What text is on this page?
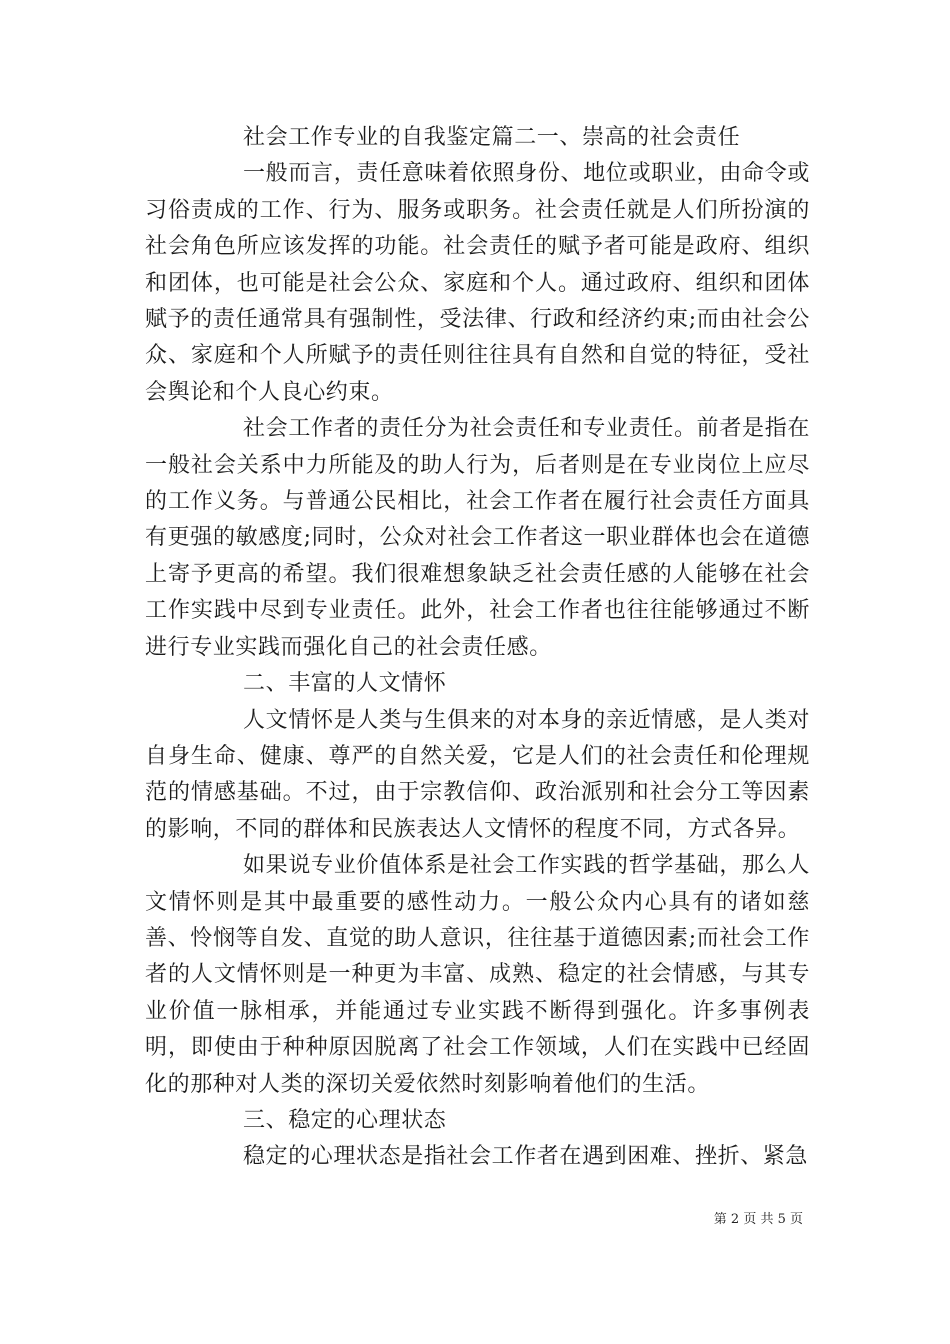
社会工作专业的自我鉴定篇二一、崇高的社会责任

一般而言，责任意味着依照身份、地位或职业，由命令或习俗责成的工作、行为、服务或职务。社会责任就是人们所扮演的社会角色所应该发挥的功能。社会责任的赋予者可能是政府、组织和团体，也可能是社会公众、家庭和个人。通过政府、组织和团体赋予的责任通常具有强制性，受法律、行政和经济约束;而由社会公众、家庭和个人所赋予的责任则往往具有自然和自觉的特征，受社会舆论和个人良心约束。

社会工作者的责任分为社会责任和专业责任。前者是指在一般社会关系中力所能及的助人行为，后者则是在专业岗位上应尽的工作义务。与普通公民相比，社会工作者在履行社会责任方面具有更强的敏感度;同时，公众对社会工作者这一职业群体也会在道德上寄予更高的希望。我们很难想象缺乏社会责任感的人能够在社会工作实践中尽到专业责任。此外，社会工作者也往往能够通过不断进行专业实践而强化自己的社会责任感。

二、丰富的人文情怀

人文情怀是人类与生俱来的对本身的亲近情感，是人类对自身生命、健康、尊严的自然关爱，它是人们的社会责任和伦理规范的情感基础。不过，由于宗教信仰、政治派别和社会分工等因素的影响，不同的群体和民族表达人文情怀的程度不同，方式各异。

如果说专业价值体系是社会工作实践的哲学基础，那么人文情怀则是其中最重要的感性动力。一般公众内心具有的诸如慈善、怜悯等自发、直觉的助人意识，往往基于道德因素;而社会工作者的人文情怀则是一种更为丰富、成熟、稳定的社会情感，与其专业价值一脉相承，并能通过专业实践不断得到强化。许多事例表明，即使由于种种原因脱离了社会工作领域，人们在实践中已经固化的那种对人类的深切关爱依然时刻影响着他们的生活。

三、稳定的心理状态

稳定的心理状态是指社会工作者在遇到困难、挫折、紧急

第 2 页 共 5 页
